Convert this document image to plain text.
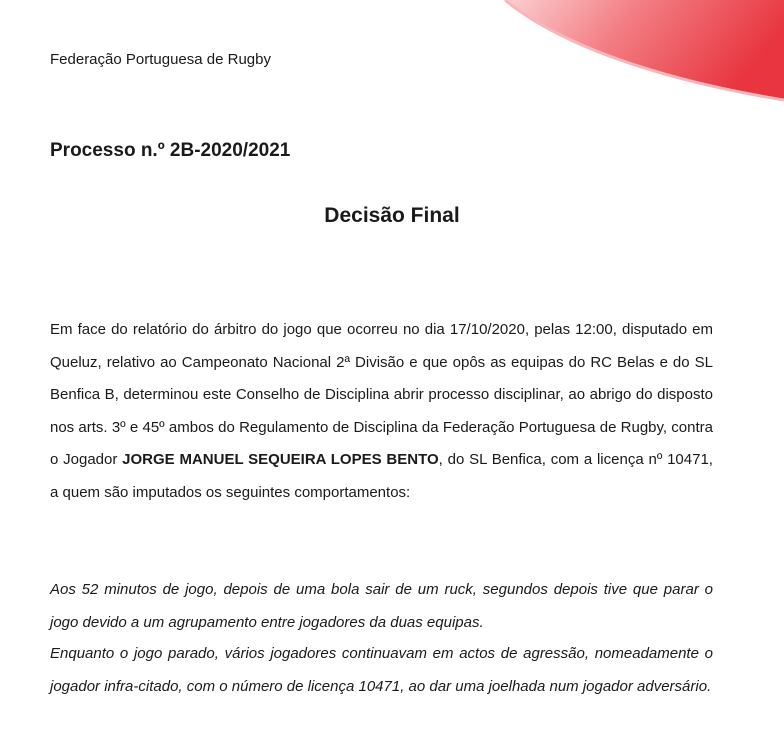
Federação Portuguesa de Rugby
Processo n.º 2B-2020/2021
Decisão Final

Em face do relatório do árbitro do jogo que ocorreu no dia 17/10/2020, pelas 12:00, disputado em Queluz, relativo ao Campeonato Nacional 2ª Divisão e que opôs as equipas do RC Belas e do SL Benfica B, determinou este Conselho de Disciplina abrir processo disciplinar, ao abrigo do disposto nos arts. 3º e 45º ambos do Regulamento de Disciplina da Federação Portuguesa de Rugby, contra o Jogador JORGE MANUEL SEQUEIRA LOPES BENTO, do SL Benfica, com a licença nº 10471, a quem são imputados os seguintes comportamentos:

Aos 52 minutos de jogo, depois de uma bola sair de um ruck, segundos depois tive que parar o jogo devido a um agrupamento entre jogadores da duas equipas.

Enquanto o jogo parado, vários jogadores continuavam em actos de agressão, nomeadamente o jogador infra-citado, com o número de licença 10471, ao dar uma joelhada num jogador adversário.
